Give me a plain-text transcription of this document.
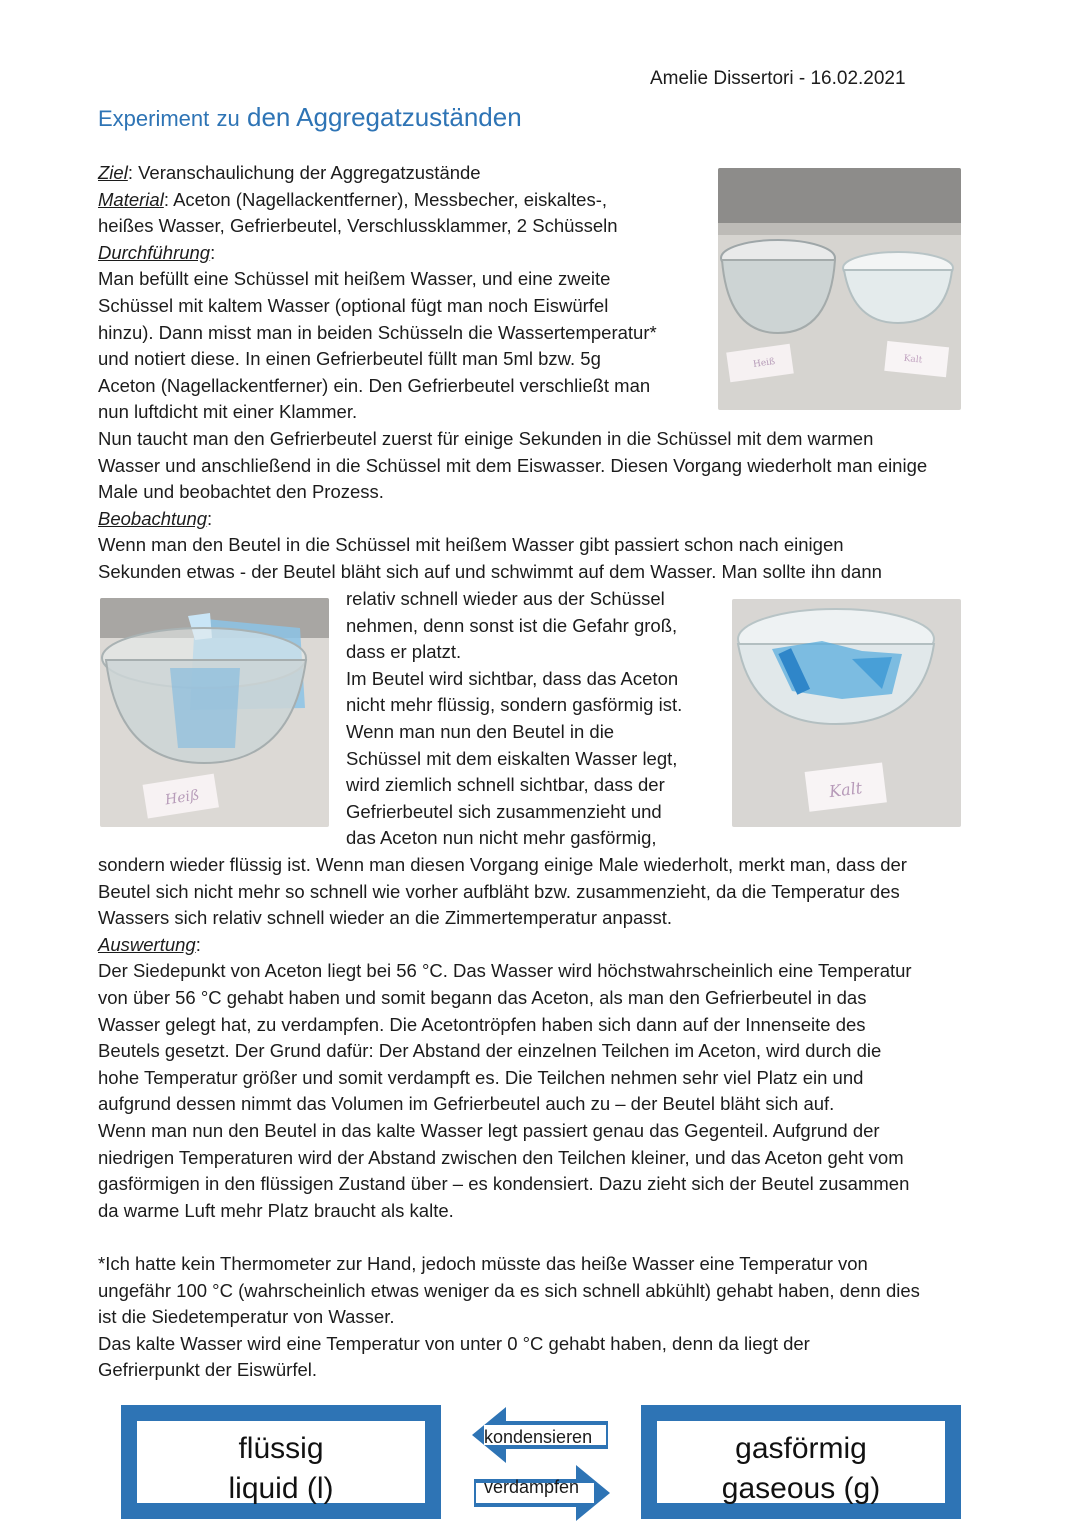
Amelie Dissertori - 16.02.2021
Experiment zu den Aggregatzuständen

Ziel: Veranschaulichung der Aggregatzustände

Material: Aceton (Nagellackentferner), Messbecher, eiskaltes-,

heißes Wasser, Gefrierbeutel, Verschlussklammer, 2 Schüsseln

Durchführung:

Man befüllt eine Schüssel mit heißem Wasser, und eine zweite

Schüssel mit kaltem Wasser (optional fügt man noch Eiswürfel

hinzu). Dann misst man in beiden Schüsseln die Wassertemperatur*

und notiert diese. In einen Gefrierbeutel füllt man 5ml bzw. 5g

Aceton (Nagellackentferner) ein. Den Gefrierbeutel verschließt man

nun luftdicht mit einer Klammer.

Heiß	Kalt

Nun taucht man den Gefrierbeutel zuerst für einige Sekunden in die Schüssel mit dem warmen

Wasser und anschließend in die Schüssel mit dem Eiswasser. Diesen Vorgang wiederholt man einige

Male und beobachtet den Prozess.

Beobachtung:

Wenn man den Beutel in die Schüssel mit heißem Wasser gibt passiert schon nach einigen

Sekunden etwas - der Beutel bläht sich auf und schwimmt auf dem Wasser. Man sollte ihn dann

Heiß	Kalt

relativ schnell wieder aus der Schüssel

nehmen, denn sonst ist die Gefahr groß,

dass er platzt.

Im Beutel wird sichtbar, dass das Aceton

nicht mehr flüssig, sondern gasförmig ist.

Wenn man nun den Beutel in die

Schüssel mit dem eiskalten Wasser legt,

wird ziemlich schnell sichtbar, dass der

Gefrierbeutel sich zusammenzieht und

das Aceton nun nicht mehr gasförmig,

sondern wieder flüssig ist. Wenn man diesen Vorgang einige Male wiederholt, merkt man, dass der

Beutel sich nicht mehr so schnell wie vorher aufbläht bzw. zusammenzieht, da die Temperatur des

Wassers sich relativ schnell wieder an die Zimmertemperatur anpasst.

Auswertung:

Der Siedepunkt von Aceton liegt bei 56 °C. Das Wasser wird höchstwahrscheinlich eine Temperatur

von über 56 °C gehabt haben und somit begann das Aceton, als man den Gefrierbeutel in das

Wasser gelegt hat, zu verdampfen. Die Acetontröpfen haben sich dann auf der Innenseite des

Beutels gesetzt. Der Grund dafür: Der Abstand der einzelnen Teilchen im Aceton, wird durch die

hohe Temperatur größer und somit verdampft es. Die Teilchen nehmen sehr viel Platz ein und

aufgrund dessen nimmt das Volumen im Gefrierbeutel auch zu – der Beutel bläht sich auf.

Wenn man nun den Beutel in das kalte Wasser legt passiert genau das Gegenteil. Aufgrund der

niedrigen Temperaturen wird der Abstand zwischen den Teilchen kleiner, und das Aceton geht vom

gasförmigen in den flüssigen Zustand über – es kondensiert. Dazu zieht sich der Beutel zusammen

da warme Luft mehr Platz braucht als kalte.

*Ich hatte kein Thermometer zur Hand, jedoch müsste das heiße Wasser eine Temperatur von

ungefähr 100 °C (wahrscheinlich etwas weniger da es sich schnell abkühlt) gehabt haben, denn dies

ist die Siedetemperatur von Wasser.

Das kalte Wasser wird eine Temperatur von unter 0 °C gehabt haben, denn da liegt der

Gefrierpunkt der Eiswürfel.

flüssig
liquid (l)
gasförmig
gaseous (g)
kondensieren
verdampfen
